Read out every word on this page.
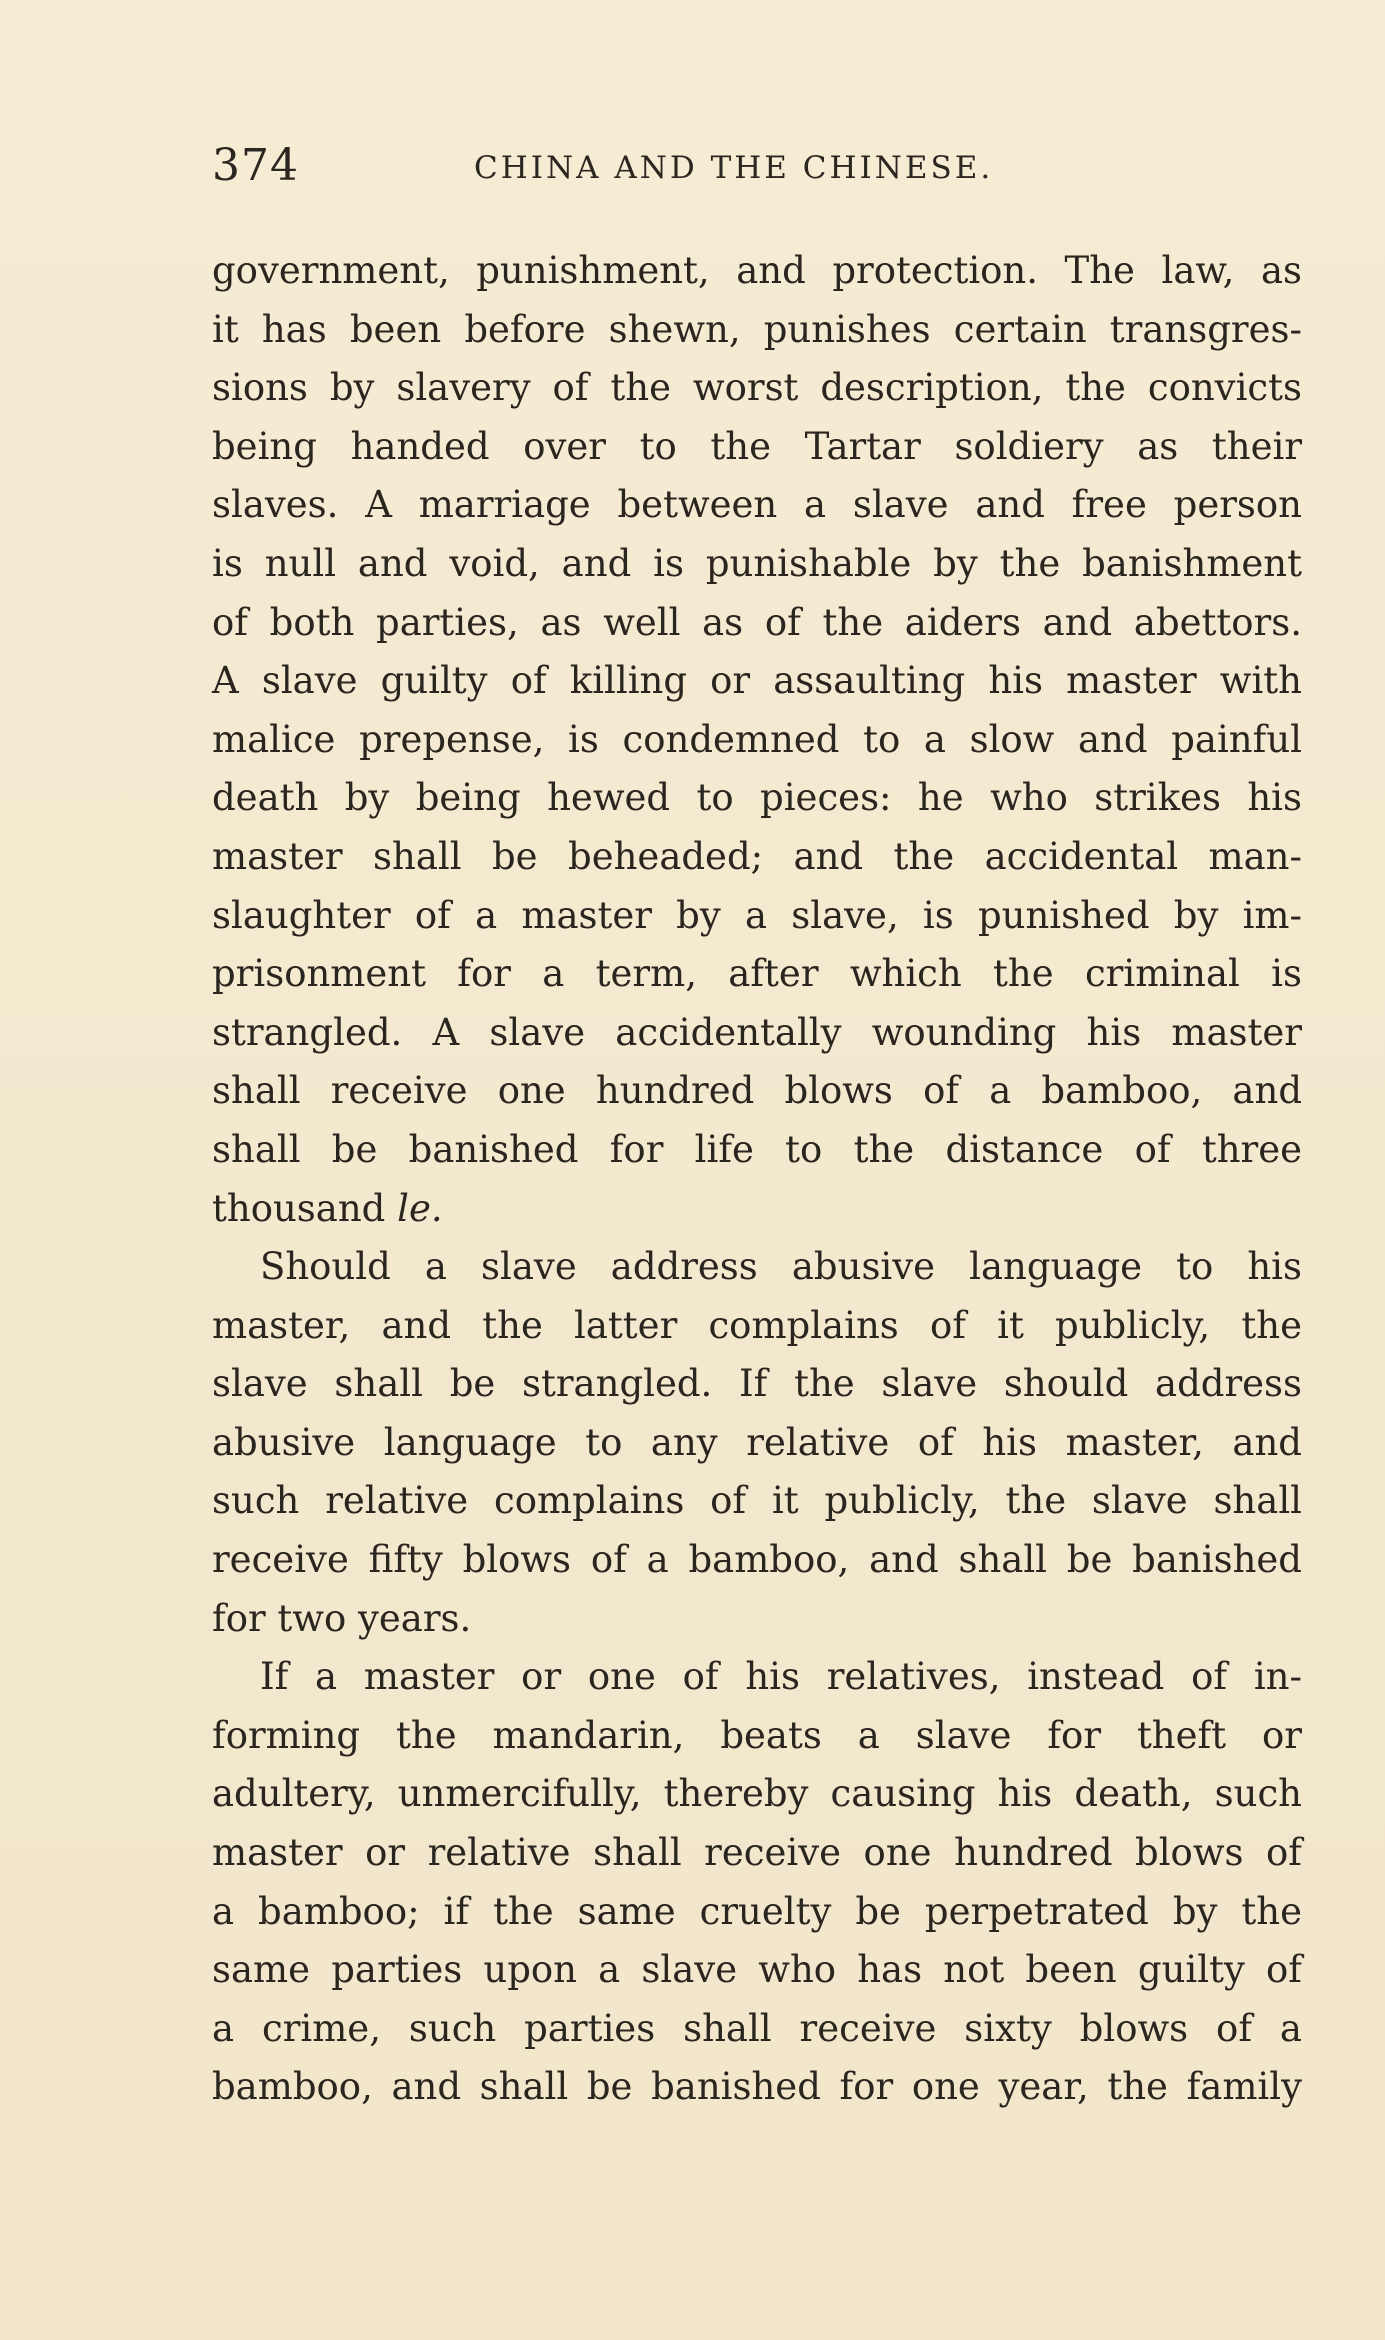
374	CHINA AND THE CHINESE.
government, punishment, and protection. The law, as
it has been before shewn, punishes certain transgres-
sions by slavery of the worst description, the convicts
being handed over to the Tartar soldiery as their
slaves. A marriage between a slave and free person
is null and void, and is punishable by the banishment
of both parties, as well as of the aiders and abettors.
A slave guilty of killing or assaulting his master with
malice prepense, is condemned to a slow and painful
death by being hewed to pieces: he who strikes his
master shall be beheaded; and the accidental man-
slaughter of a master by a slave, is punished by im-
prisonment for a term, after which the criminal is
strangled. A slave accidentally wounding his master
shall receive one hundred blows of a bamboo, and
shall be banished for life to the distance of three
thousand le.
Should a slave address abusive language to his
master, and the latter complains of it publicly, the
slave shall be strangled. If the slave should address
abusive language to any relative of his master, and
such relative complains of it publicly, the slave shall
receive fifty blows of a bamboo, and shall be banished
for two years.
If a master or one of his relatives, instead of in-
forming the mandarin, beats a slave for theft or
adultery, unmercifully, thereby causing his death, such
master or relative shall receive one hundred blows of
a bamboo; if the same cruelty be perpetrated by the
same parties upon a slave who has not been guilty of
a crime, such parties shall receive sixty blows of a
bamboo, and shall be banished for one year, the family
